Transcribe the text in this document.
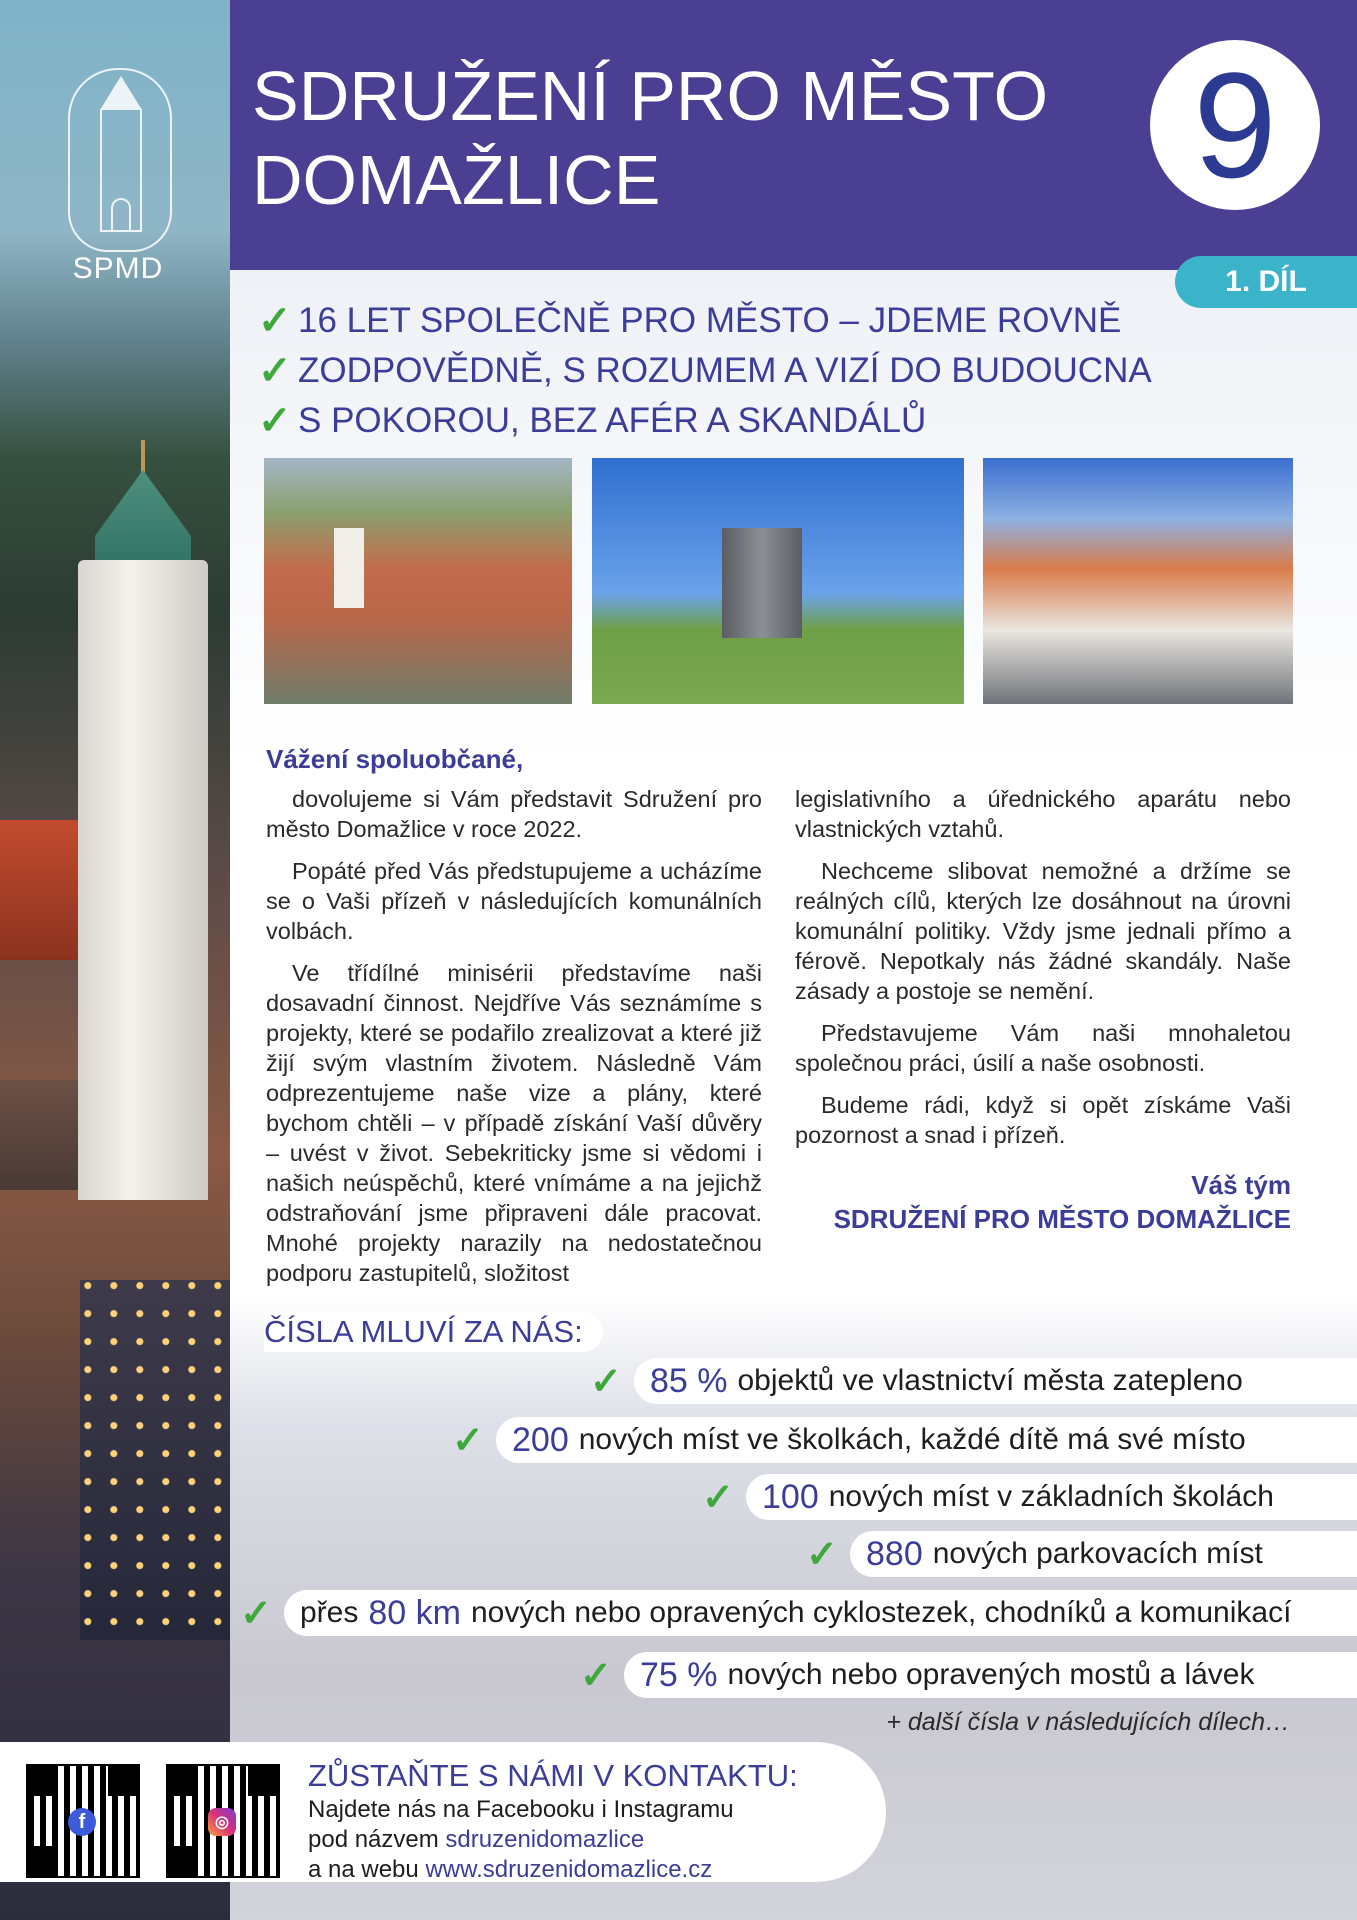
SPMD
SDRUŽENÍ PRO MĚSTO
DOMAŽLICE	9
1. DÍL
✓ 16 LET SPOLEČNĚ PRO MĚSTO – JDEME ROVNĚ
✓ ZODPOVĚDNĚ, S ROZUMEM A VIZÍ DO BUDOUCNA
✓ S POKOROU, BEZ AFÉR A SKANDÁLŮ
Vážení spoluobčané,

dovolujeme si Vám představit Sdružení pro město Domažlice v roce 2022.

Popáté před Vás předstupujeme a ucházíme se o Vaši přízeň v následujících komunálních volbách.

Ve třídílné minisérii představíme naši dosavadní činnost. Nejdříve Vás seznámíme s projekty, které se podařilo zrealizovat a které již žijí svým vlastním životem. Následně Vám odprezentujeme naše vize a plány, které bychom chtěli – v případě získání Vaší důvěry – uvést v život. Sebekriticky jsme si vědomi i našich neúspěchů, které vnímáme a na jejichž odstraňování jsme připraveni dále pracovat. Mnohé projekty narazily na nedostatečnou podporu zastupitelů, složitost

legislativního a úřednického aparátu nebo vlastnických vztahů.

Nechceme slibovat nemožné a držíme se reálných cílů, kterých lze dosáhnout na úrovni komunální politiky. Vždy jsme jednali přímo a férově. Nepotkaly nás žádné skandály. Naše zásady a postoje se nemění.

Představujeme Vám naši mnohaletou společnou práci, úsilí a naše osobnosti.

Budeme rádi, když si opět získáme Vaši pozornost a snad i přízeň.

Váš tým
SDRUŽENÍ PRO MĚSTO DOMAŽLICE
ČÍSLA MLUVÍ ZA NÁS:
✓ 85 % objektů ve vlastnictví města zatepleno
✓ 200 nových míst ve školkách, každé dítě má své místo
✓ 100 nových míst v základních školách
✓ 880 nových parkovacích míst
✓ přes 80 km nových nebo opravených cyklostezek, chodníků a komunikací
✓ 75 % nových nebo opravených mostů a lávek
+ další čísla v následujících dílech…
f	◎
ZŮSTAŇTE S NÁMI V KONTAKTU:
Najdete nás na Facebooku i Instagramu
pod názvem sdruzenidomazlice
a na webu www.sdruzenidomazlice.cz
